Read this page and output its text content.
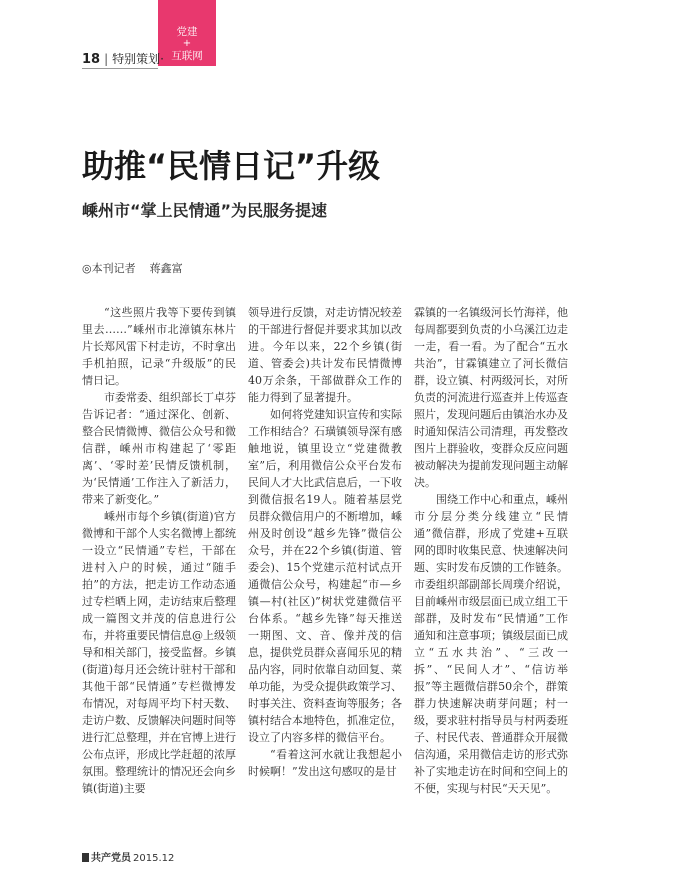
党建
+
互联网
18 | 特别策划·
助推“民情日记”升级
嵊州市“掌上民情通”为民服务提速
◎本刊记者 蒋鑫富

“这些照片我等下要传到镇里去……”嵊州市北漳镇东林片片长郑风雷下村走访，不时拿出手机拍照，记录“升级版”的民情日记。

市委常委、组织部长丁卓芬告诉记者：“通过深化、创新、整合民情微博、微信公众号和微信群，嵊州市构建起了‘零距离’、‘零时差’民情反馈机制，为‘民情通’工作注入了新活力，带来了新变化。”

嵊州市每个乡镇(街道)官方微博和干部个人实名微博上都统一设立“民情通”专栏，干部在进村入户的时候，通过“随手拍”的方法，把走访工作动态通过专栏晒上网，走访结束后整理成一篇图文并茂的信息进行公布，并将重要民情信息@上级领导和相关部门，接受监督。乡镇(街道)每月还会统计驻村干部和其他干部“民情通”专栏微博发布情况，对每周平均下村天数、走访户数、反馈解决问题时间等进行汇总整理，并在官博上进行公布点评，形成比学赶超的浓厚氛围。整理统计的情况还会向乡镇(街道)主要

领导进行反馈，对走访情况较差的干部进行督促并要求其加以改进。今年以来，22个乡镇(街道、管委会)共计发布民情微博40万余条，干部做群众工作的能力得到了显著提升。

如何将党建知识宣传和实际工作相结合？石璜镇领导深有感触地说，镇里设立“党建微教室”后，利用微信公众平台发布民间人才大比武信息后，一下收到微信报名19人。随着基层党员群众微信用户的不断增加，嵊州及时创设“越乡先锋”微信公众号，并在22个乡镇(街道、管委会)、15个党建示范村试点开通微信公众号，构建起“市—乡镇—村(社区)”树状党建微信平台体系。“越乡先锋”每天推送一期图、文、音、像并茂的信息，提供党员群众喜闻乐见的精品内容，同时依靠自动回复、菜单功能，为受众提供政策学习、时事关注、资料查询等服务；各镇村结合本地特色，抓准定位，设立了内容多样的微信平台。

“看着这河水就让我想起小时候啊！”发出这句感叹的是甘

霖镇的一名镇级河长竹海祥，他每周都要到负责的小乌溪江边走一走，看一看。为了配合“五水共治”，甘霖镇建立了河长微信群，设立镇、村两级河长，对所负责的河流进行巡查并上传巡查照片，发现问题后由镇治水办及时通知保洁公司清理，再发整改图片上群验收，变群众反应问题被动解决为提前发现问题主动解决。

围绕工作中心和重点，嵊州市分层分类分线建立“民情通”微信群，形成了党建+互联网的即时收集民意、快速解决问题、实时发布反馈的工作链条。市委组织部副部长周璞介绍说，目前嵊州市级层面已成立组工干部群，及时发布“民情通”工作通知和注意事项；镇级层面已成立“五水共治”、“三改一拆”、“民间人才”、“信访举报”等主题微信群50余个，群策群力快速解决萌芽问题；村一级，要求驻村指导员与村两委班子、村民代表、普通群众开展微信沟通，采用微信走访的形式弥补了实地走访在时间和空间上的不便，实现与村民“天天见”。

共产党员 2015.12
